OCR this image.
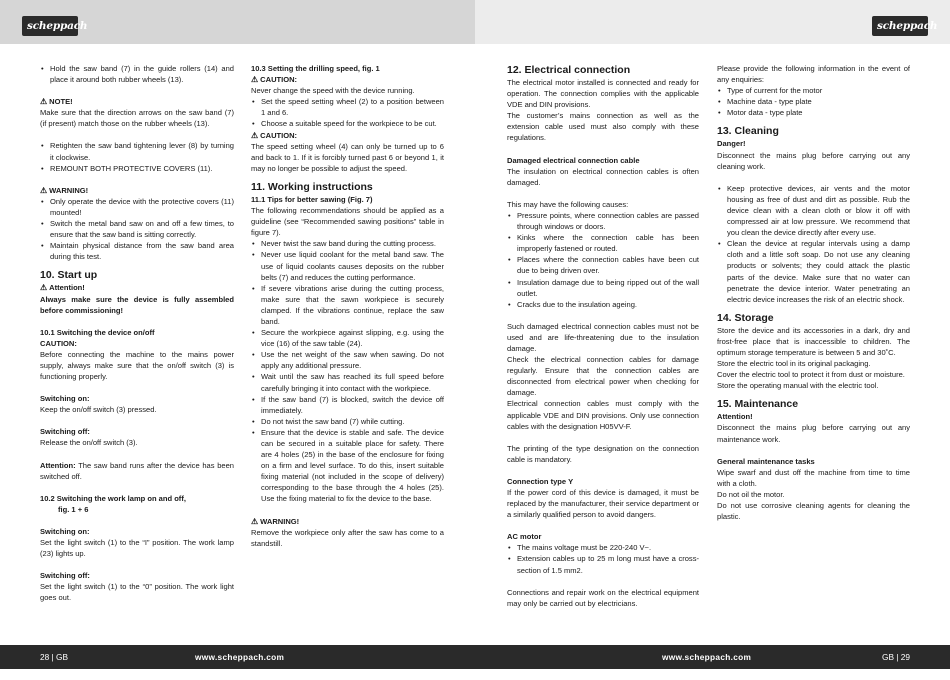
scheppach	scheppach
• Hold the saw band (7) in the guide rollers (14) and place it around both rubber wheels (13).

⚠ NOTE!

Make sure that the direction arrows on the saw band (7) (if present) match those on the rubber wheels (13).

• Retighten the saw band tightening lever (8) by turning it clockwise.
• REMOUNT BOTH PROTECTIVE COVERS (11).

⚠ WARNING!

• Only operate the device with the protective covers (11) mounted!
• Switch the metal band saw on and off a few times, to ensure that the saw band is sitting correctly.
• Maintain physical distance from the saw band area during this test.

10. Start up

⚠ Attention!

Always make sure the device is fully assembled before commissioning!

10.1 Switching the device on/off

CAUTION:

Before connecting the machine to the mains power supply, always make sure that the on/off switch (3) is functioning properly.

Switching on:

Keep the on/off switch (3) pressed.

Switching off:

Release the on/off switch (3).

Attention: The saw band runs after the device has been switched off.

10.2 Switching the work lamp on and off,

fig. 1 + 6

Switching on:

Set the light switch (1) to the “I” position. The work lamp (23) lights up.

Switching off:

Set the light switch (1) to the “0” position. The work light goes out.

10.3 Setting the drilling speed, fig. 1

⚠ CAUTION:

Never change the speed with the device running.

• Set the speed setting wheel (2) to a position between 1 and 6.
• Choose a suitable speed for the workpiece to be cut.

⚠ CAUTION:

The speed setting wheel (4) can only be turned up to 6 and back to 1. If it is forcibly turned past 6 or beyond 1, it may no longer be possible to adjust the speed.

11. Working instructions

11.1 Tips for better sawing (Fig. 7)

The following recommendations should be applied as a guideline (see “Recommended sawing positions” table in figure 7).

• Never twist the saw band during the cutting process.
• Never use liquid coolant for the metal band saw. The use of liquid coolants causes deposits on the rubber belts (7) and reduces the cutting performance.
• If severe vibrations arise during the cutting process, make sure that the sawn workpiece is securely clamped. If the vibrations continue, replace the saw band.
• Secure the workpiece against slipping, e.g. using the vice (16) of the saw table (24).
• Use the net weight of the saw when sawing. Do not apply any additional pressure.
• Wait until the saw has reached its full speed before carefully bringing it into contact with the workpiece.
• If the saw band (7) is blocked, switch the device off immediately.
• Do not twist the saw band (7) while cutting.
• Ensure that the device is stable and safe. The device can be secured in a suitable place for safety. There are 4 holes (25) in the base of the enclosure for fixing on a firm and level surface. To do this, insert suitable fixing material (not included in the scope of delivery) corresponding to the base through the 4 holes (25). Use the fixing material to fix the device to the base.

⚠ WARNING!

Remove the workpiece only after the saw has come to a standstill.

12. Electrical connection

The electrical motor installed is connected and ready for operation. The connection complies with the applicable VDE and DIN provisions.

The customer’s mains connection as well as the extension cable used must also comply with these regulations.

Damaged electrical connection cable

The insulation on electrical connection cables is often damaged.

This may have the following causes:

• Pressure points, where connection cables are passed through windows or doors.
• Kinks where the connection cable has been improperly fastened or routed.
• Places where the connection cables have been cut due to being driven over.
• Insulation damage due to being ripped out of the wall outlet.
• Cracks due to the insulation ageing.

Such damaged electrical connection cables must not be used and are life-threatening due to the insulation damage.

Check the electrical connection cables for damage regularly. Ensure that the connection cables are disconnected from electrical power when checking for damage.

Electrical connection cables must comply with the applicable VDE and DIN provisions. Only use connection cables with the designation H05VV-F.

The printing of the type designation on the connection cable is mandatory.

Connection type Y

If the power cord of this device is damaged, it must be replaced by the manufacturer, their service department or a similarly qualified person to avoid dangers.

AC motor

• The mains voltage must be 220-240 V~.
• Extension cables up to 25 m long must have a cross-section of 1.5 mm2.

Connections and repair work on the electrical equipment may only be carried out by electricians.

Please provide the following information in the event of any enquiries:

• Type of current for the motor
• Machine data - type plate
• Motor data - type plate

13. Cleaning

Danger!

Disconnect the mains plug before carrying out any cleaning work.

• Keep protective devices, air vents and the motor housing as free of dust and dirt as possible. Rub the device clean with a clean cloth or blow it off with compressed air at low pressure. We recommend that you clean the device directly after every use.
• Clean the device at regular intervals using a damp cloth and a little soft soap. Do not use any cleaning products or solvents; they could attack the plastic parts of the device. Make sure that no water can penetrate the device interior. Water penetrating an electric device increases the risk of an electric shock.

14. Storage

Store the device and its accessories in a dark, dry and frost-free place that is inaccessible to children. The optimum storage temperature is between 5 and 30˚C.

Store the electric tool in its original packaging.

Cover the electric tool to protect it from dust or moisture.

Store the operating manual with the electric tool.

15. Maintenance

Attention!

Disconnect the mains plug before carrying out any maintenance work.

General maintenance tasks

Wipe swarf and dust off the machine from time to time with a cloth.

Do not oil the motor.

Do not use corrosive cleaning agents for cleaning the plastic.

28 | GB	www.scheppach.com	www.scheppach.com	GB | 29
